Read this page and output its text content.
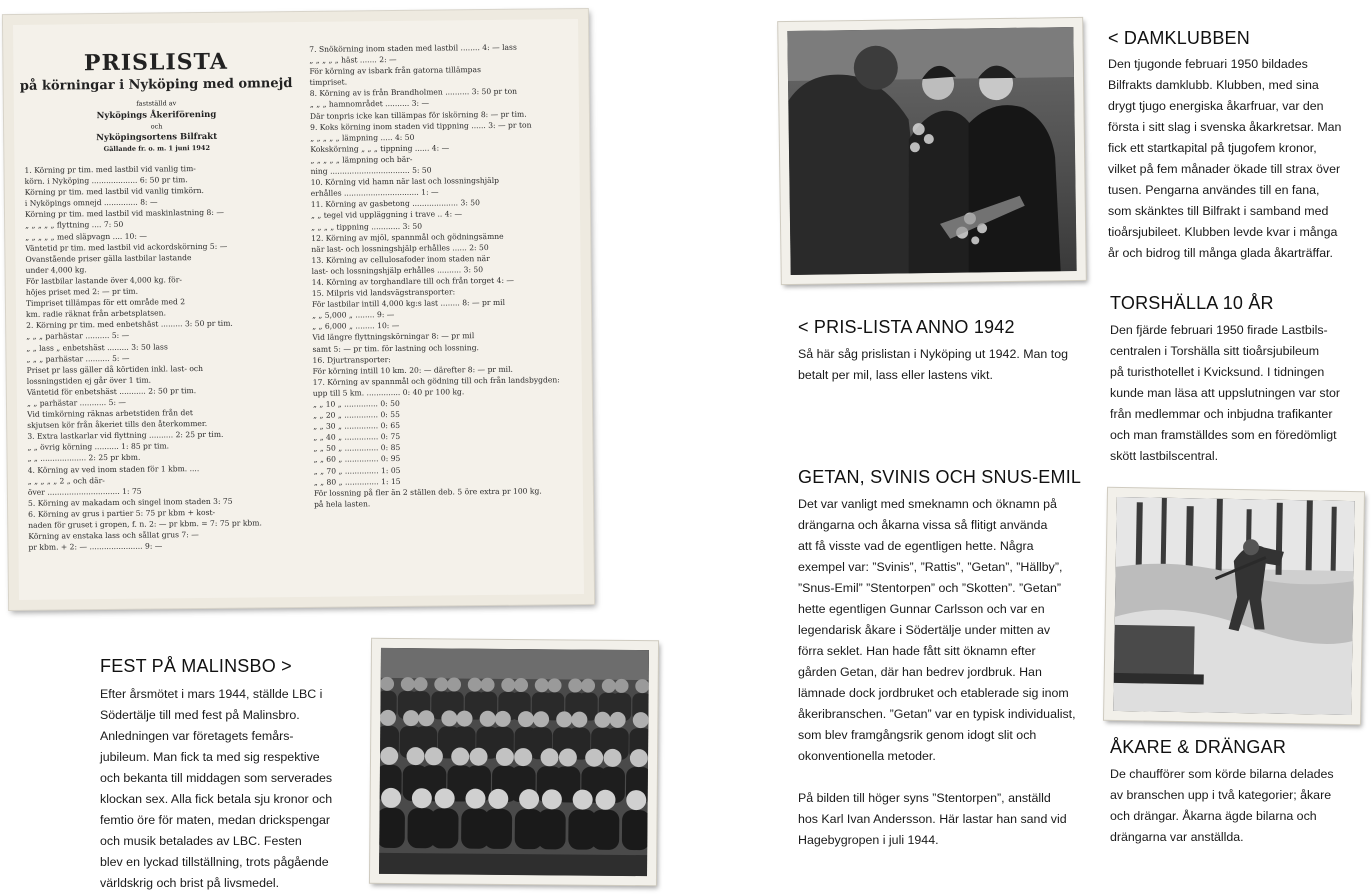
PRISLISTA
på körningar i Nyköping med omnejd
fastställd av
Nyköpings Åkeriförening
och
Nyköpingsortens Bilfrakt
Gällande fr. o. m. 1 juni 1942
1. Körning pr tim. med lastbil vid vanlig tim-
körn. i Nyköping ................... 6: 50 pr tim.
Körning pr tim. med lastbil vid vanlig timkörn.
i Nyköpings omnejd .............. 8: —
Körning pr tim. med lastbil vid maskinlastning 8: —
„ „ „ „ „ flyttning .... 7: 50
„ „ „ „ „ med släpvagn .... 10: —
Väntetid pr tim. med lastbil vid ackordskörning 5: —
Ovanstående priser gälla lastbilar lastande
under 4,000 kg.
För lastbilar lastande över 4,000 kg. för-
höjes priset med 2: — pr tim.
Timpriset tillämpas för ett område med 2
km. radie räknat från arbetsplatsen.
2. Körning pr tim. med enbetshäst ......... 3: 50 pr tim.
„ „ „ parhästar .......... 5: —
„ „ lass „ enbetshäst ......... 3: 50 lass
„ „ „ parhästar .......... 5: —
Priset pr lass gäller då körtiden inkl. last- och
lossningstiden ej går över 1 tim.
Väntetid för enbetshäst ........... 2: 50 pr tim.
„ „ parhästar ........... 5: —
Vid timkörning räknas arbetstiden från det
skjutsen kör från åkeriet tills den återkommer.
3. Extra lastkarlar vid flyttning .......... 2: 25 pr tim.
„ „ övrig körning .......... 1: 85 pr tim.
„ „ ................... 2: 25 pr kbm.
4. Körning av ved inom staden för 1 kbm. ....
„ „ „ „ „ 2 „ och där-
över .............................. 1: 75
5. Körning av makadam och singel inom staden 3: 75
6. Körning av grus i partier 5: 75 pr kbm + kost-
naden för gruset i gropen, f. n. 2: — pr kbm. = 7: 75 pr kbm.
Körning av enstaka lass och sållat grus 7: —
pr kbm. + 2: — ...................... 9: —
7. Snökörning inom staden med lastbil ........ 4: — lass
„ „ „ „ „ häst ....... 2: —
För körning av isbark från gatorna tillämpas
timpriset.
8. Körning av is från Brandholmen .......... 3: 50 pr ton
„ „ „ hamnområdet .......... 3: —
Där tonpris icke kan tillämpas för iskörning 8: — pr tim.
9. Koks körning inom staden vid tippning ...... 3: — pr ton
„ „ „ „ „ lämpning ..... 4: 50
Kokskörning „ „ „ tippning ...... 4: —
„ „ „ „ „ lämpning och bär-
ning ................................. 5: 50
10. Körning vid hamn när last och lossningshjälp
erhålles ............................... 1: —
11. Körning av gasbetong ................... 3: 50
„ „ tegel vid uppläggning i trave .. 4: —
„ „ „ „ tippning ............ 3: 50
12. Körning av mjöl, spannmål och gödningsämne
när last- och lossningshjälp erhålles ...... 2: 50
13. Körning av cellulosafoder inom staden när
last- och lossningshjälp erhålles .......... 3: 50
14. Körning av torghandlare till och från torget 4: —
15. Milpris vid landsvägstransporter:
För lastbilar intill 4,000 kg:s last ........ 8: — pr mil
„ „ 5,000 „ ........ 9: —
„ „ 6,000 „ ........ 10: —
Vid längre flyttningskörningar 8: — pr mil
samt 5: — pr tim. för lastning och lossning.
16. Djurtransporter:
För körning intill 10 km. 20: — därefter 8: — pr mil.
17. Körning av spannmål och gödning till och från landsbygden:
upp till 5 km. .............. 0: 40 pr 100 kg.
„ „ 10 „ .............. 0: 50
„ „ 20 „ .............. 0: 55
„ „ 30 „ .............. 0: 65
„ „ 40 „ .............. 0: 75
„ „ 50 „ .............. 0: 85
„ „ 60 „ .............. 0: 95
„ „ 70 „ .............. 1: 05
„ „ 80 „ .............. 1: 15
För lossning på fler än 2 ställen deb. 5 öre extra pr 100 kg.
på hela lasten.
FEST PÅ MALINSBO >

Efter årsmötet i mars 1944, ställde LBC i

Södertälje till med fest på Malinsbro.

Anledningen var företagets femårs-

jubileum. Man fick ta med sig respektive

och bekanta till middagen som serverades

klockan sex. Alla fick betala sju kronor och

femtio öre för maten, medan drickspengar

och musik betalades av LBC. Festen

blev en lyckad tillställning, trots pågående

världskrig och brist på livsmedel.

< PRIS-LISTA ANNO 1942

Så här såg prislistan i Nyköping ut 1942. Man tog

betalt per mil, lass eller lastens vikt.

GETAN, SVINIS OCH SNUS-EMIL

Det var vanligt med smeknamn och öknamn på

drängarna och åkarna vissa så flitigt använda

att få visste vad de egentligen hette. Några

exempel var: ”Svinis”, ”Rattis”, ”Getan”, ”Hällby”,

”Snus-Emil” ”Stentorpen” och ”Skotten”. ”Getan”

hette egentligen Gunnar Carlsson och var en

legendarisk åkare i Södertälje under mitten av

förra seklet. Han hade fått sitt öknamn efter

gården Getan, där han bedrev jordbruk. Han

lämnade dock jordbruket och etablerade sig inom

åkeribranschen. ”Getan” var en typisk individualist,

som blev framgångsrik genom idogt slit och

okonventionella metoder.

På bilden till höger syns ”Stentorpen”, anställd

hos Karl Ivan Andersson. Här lastar han sand vid

Hagebygropen i juli 1944.

< DAMKLUBBEN

Den tjugonde februari 1950 bildades

Bilfrakts damklubb. Klubben, med sina

drygt tjugo energiska åkarfruar, var den

första i sitt slag i svenska åkarkretsar. Man

fick ett startkapital på tjugofem kronor,

vilket på fem månader ökade till strax över

tusen. Pengarna användes till en fana,

som skänktes till Bilfrakt i samband med

tioårsjubileet. Klubben levde kvar i många

år och bidrog till många glada åkarträffar.

TORSHÄLLA 10 ÅR

Den fjärde februari 1950 firade Lastbils-

centralen i Torshälla sitt tioårsjubileum

på turisthotellet i Kvicksund. I tidningen

kunde man läsa att uppslutningen var stor

från medlemmar och inbjudna trafikanter

och man framställdes som en föredömligt

skött lastbilscentral.

ÅKARE & DRÄNGAR

De chaufförer som körde bilarna delades

av branschen upp i två kategorier; åkare

och drängar. Åkarna ägde bilarna och

drängarna var anställda.
